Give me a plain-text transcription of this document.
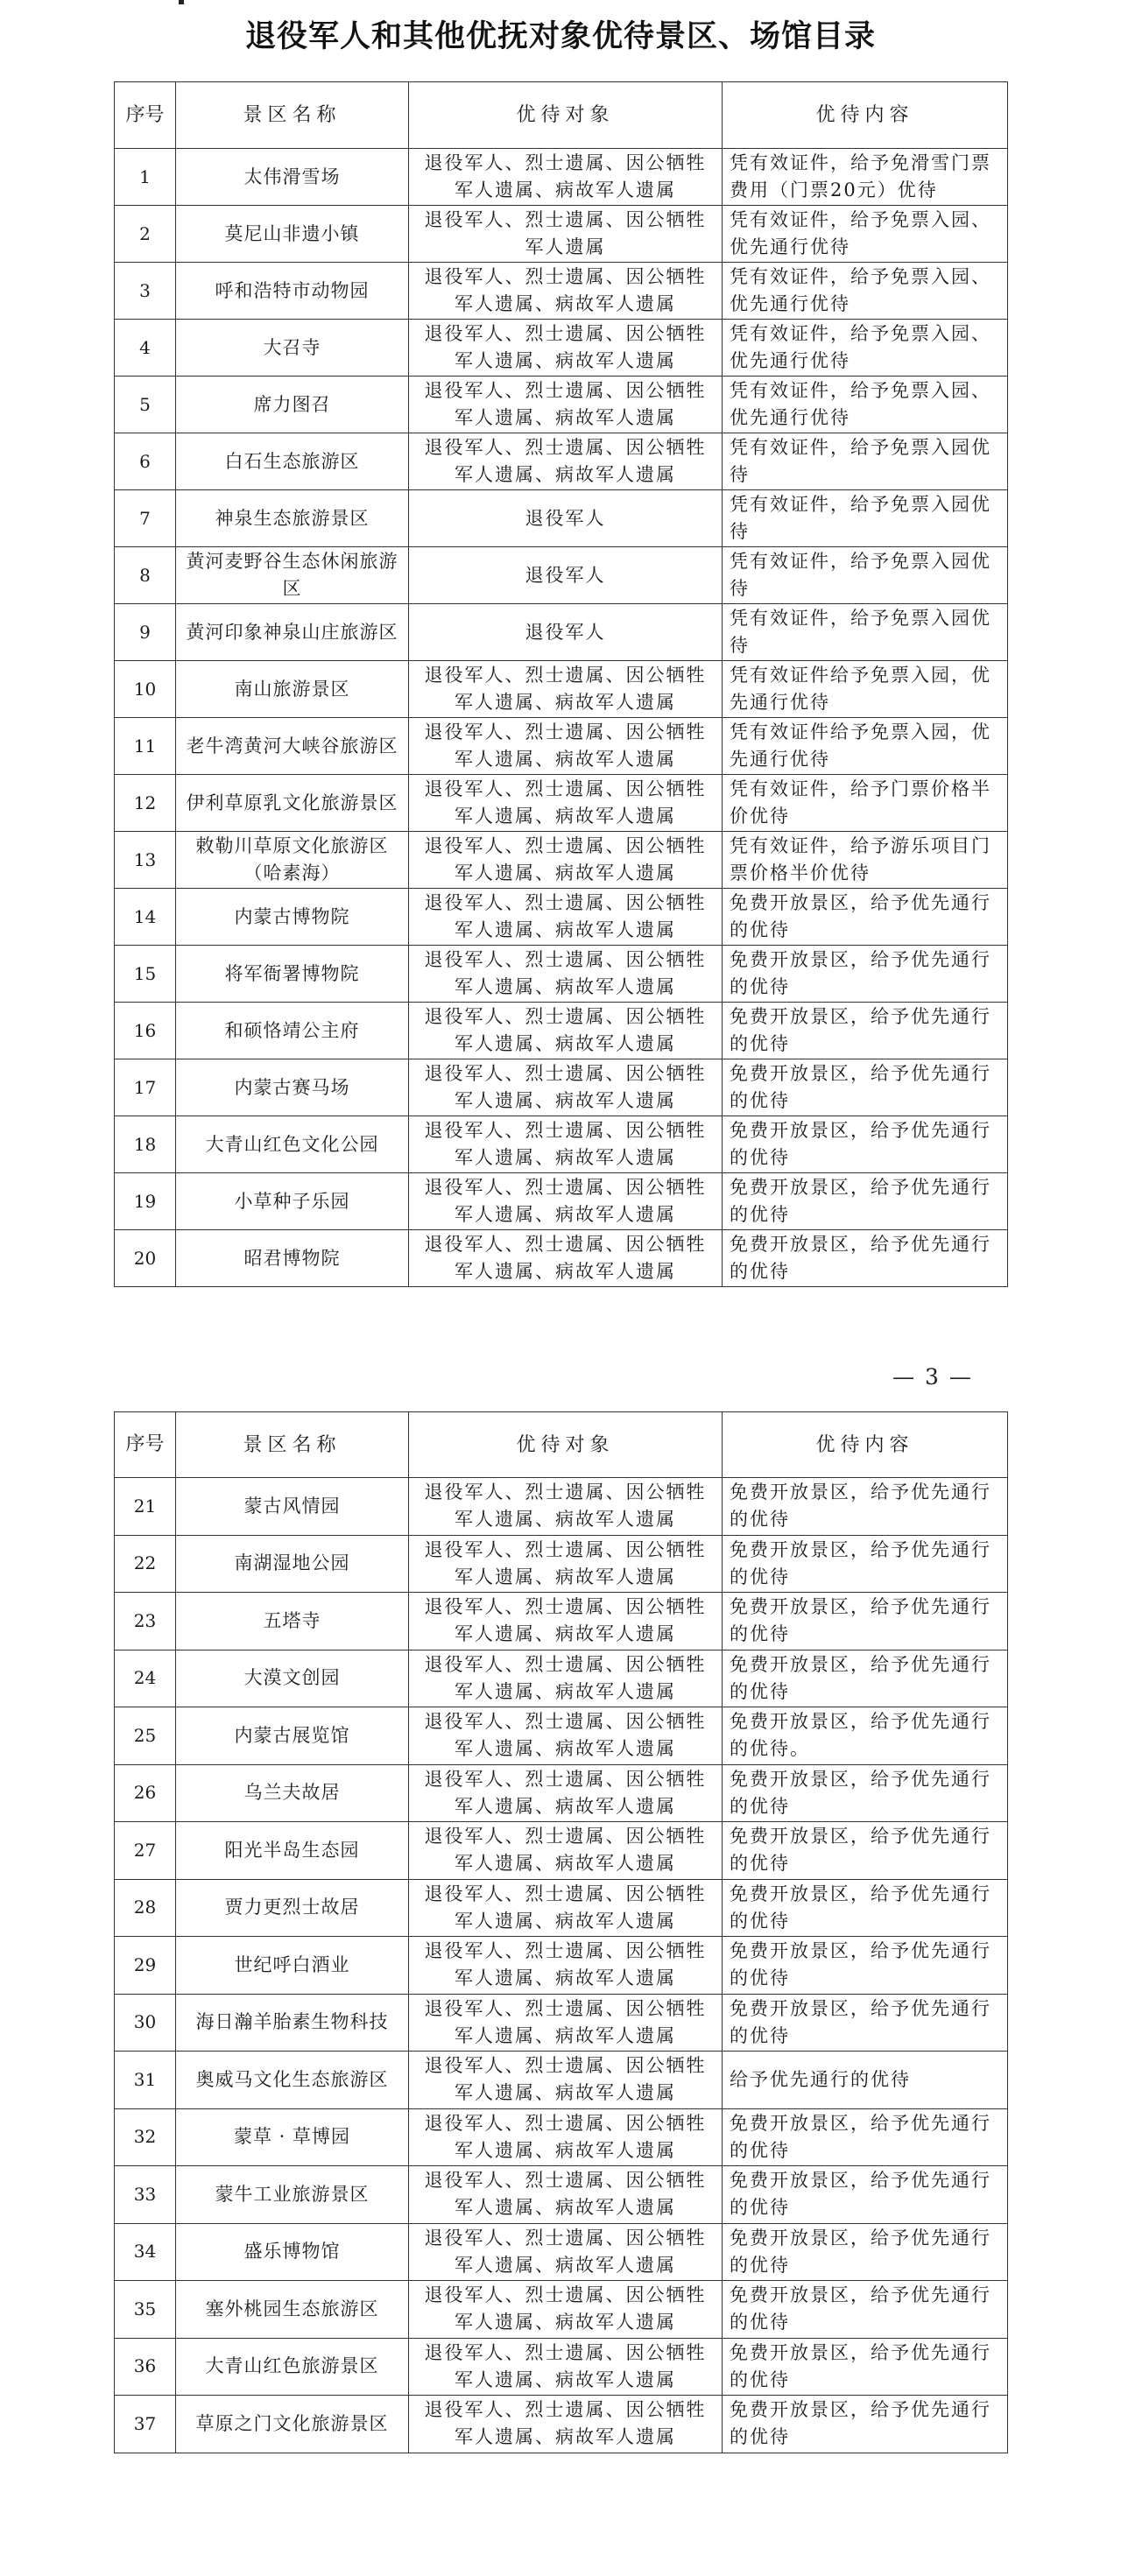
退役军人和其他优抚对象优待景区、场馆目录
序号	景区名称	优待对象	优待内容
1	太伟滑雪场	退役军人、烈士遗属、因公牺牲军人遗属、病故军人遗属	凭有效证件，给予免滑雪门票费用（门票20元）优待
2	莫尼山非遗小镇	退役军人、烈士遗属、因公牺牲军人遗属	凭有效证件，给予免票入园、优先通行优待
3	呼和浩特市动物园	退役军人、烈士遗属、因公牺牲军人遗属、病故军人遗属	凭有效证件，给予免票入园、优先通行优待
4	大召寺	退役军人、烈士遗属、因公牺牲军人遗属、病故军人遗属	凭有效证件，给予免票入园、优先通行优待
5	席力图召	退役军人、烈士遗属、因公牺牲军人遗属、病故军人遗属	凭有效证件，给予免票入园、优先通行优待
6	白石生态旅游区	退役军人、烈士遗属、因公牺牲军人遗属、病故军人遗属	凭有效证件，给予免票入园优待
7	神泉生态旅游景区	退役军人	凭有效证件，给予免票入园优待
8	黄河麦野谷生态休闲旅游区	退役军人	凭有效证件，给予免票入园优待
9	黄河印象神泉山庄旅游区	退役军人	凭有效证件，给予免票入园优待
10	南山旅游景区	退役军人、烈士遗属、因公牺牲军人遗属、病故军人遗属	凭有效证件给予免票入园，优先通行优待
11	老牛湾黄河大峡谷旅游区	退役军人、烈士遗属、因公牺牲军人遗属、病故军人遗属	凭有效证件给予免票入园，优先通行优待
12	伊利草原乳文化旅游景区	退役军人、烈士遗属、因公牺牲军人遗属、病故军人遗属	凭有效证件，给予门票价格半价优待
13	敕勒川草原文化旅游区（哈素海）	退役军人、烈士遗属、因公牺牲军人遗属、病故军人遗属	凭有效证件，给予游乐项目门票价格半价优待
14	内蒙古博物院	退役军人、烈士遗属、因公牺牲军人遗属、病故军人遗属	免费开放景区，给予优先通行的优待
15	将军衙署博物院	退役军人、烈士遗属、因公牺牲军人遗属、病故军人遗属	免费开放景区，给予优先通行的优待
16	和硕恪靖公主府	退役军人、烈士遗属、因公牺牲军人遗属、病故军人遗属	免费开放景区，给予优先通行的优待
17	内蒙古赛马场	退役军人、烈士遗属、因公牺牲军人遗属、病故军人遗属	免费开放景区，给予优先通行的优待
18	大青山红色文化公园	退役军人、烈士遗属、因公牺牲军人遗属、病故军人遗属	免费开放景区，给予优先通行的优待
19	小草种子乐园	退役军人、烈士遗属、因公牺牲军人遗属、病故军人遗属	免费开放景区，给予优先通行的优待
20	昭君博物院	退役军人、烈士遗属、因公牺牲军人遗属、病故军人遗属	免费开放景区，给予优先通行的优待
— 3 —
序号	景区名称	优待对象	优待内容
21	蒙古风情园	退役军人、烈士遗属、因公牺牲军人遗属、病故军人遗属	免费开放景区，给予优先通行的优待
22	南湖湿地公园	退役军人、烈士遗属、因公牺牲军人遗属、病故军人遗属	免费开放景区，给予优先通行的优待
23	五塔寺	退役军人、烈士遗属、因公牺牲军人遗属、病故军人遗属	免费开放景区，给予优先通行的优待
24	大漠文创园	退役军人、烈士遗属、因公牺牲军人遗属、病故军人遗属	免费开放景区，给予优先通行的优待
25	内蒙古展览馆	退役军人、烈士遗属、因公牺牲军人遗属、病故军人遗属	免费开放景区，给予优先通行的优待。
26	乌兰夫故居	退役军人、烈士遗属、因公牺牲军人遗属、病故军人遗属	免费开放景区，给予优先通行的优待
27	阳光半岛生态园	退役军人、烈士遗属、因公牺牲军人遗属、病故军人遗属	免费开放景区，给予优先通行的优待
28	贾力更烈士故居	退役军人、烈士遗属、因公牺牲军人遗属、病故军人遗属	免费开放景区，给予优先通行的优待
29	世纪呼白酒业	退役军人、烈士遗属、因公牺牲军人遗属、病故军人遗属	免费开放景区，给予优先通行的优待
30	海日瀚羊胎素生物科技	退役军人、烈士遗属、因公牺牲军人遗属、病故军人遗属	免费开放景区，给予优先通行的优待
31	奥威马文化生态旅游区	退役军人、烈士遗属、因公牺牲军人遗属、病故军人遗属	给予优先通行的优待
32	蒙草 · 草博园	退役军人、烈士遗属、因公牺牲军人遗属、病故军人遗属	免费开放景区，给予优先通行的优待
33	蒙牛工业旅游景区	退役军人、烈士遗属、因公牺牲军人遗属、病故军人遗属	免费开放景区，给予优先通行的优待
34	盛乐博物馆	退役军人、烈士遗属、因公牺牲军人遗属、病故军人遗属	免费开放景区，给予优先通行的优待
35	塞外桃园生态旅游区	退役军人、烈士遗属、因公牺牲军人遗属、病故军人遗属	免费开放景区，给予优先通行的优待
36	大青山红色旅游景区	退役军人、烈士遗属、因公牺牲军人遗属、病故军人遗属	免费开放景区，给予优先通行的优待
37	草原之门文化旅游景区	退役军人、烈士遗属、因公牺牲军人遗属、病故军人遗属	免费开放景区，给予优先通行的优待
